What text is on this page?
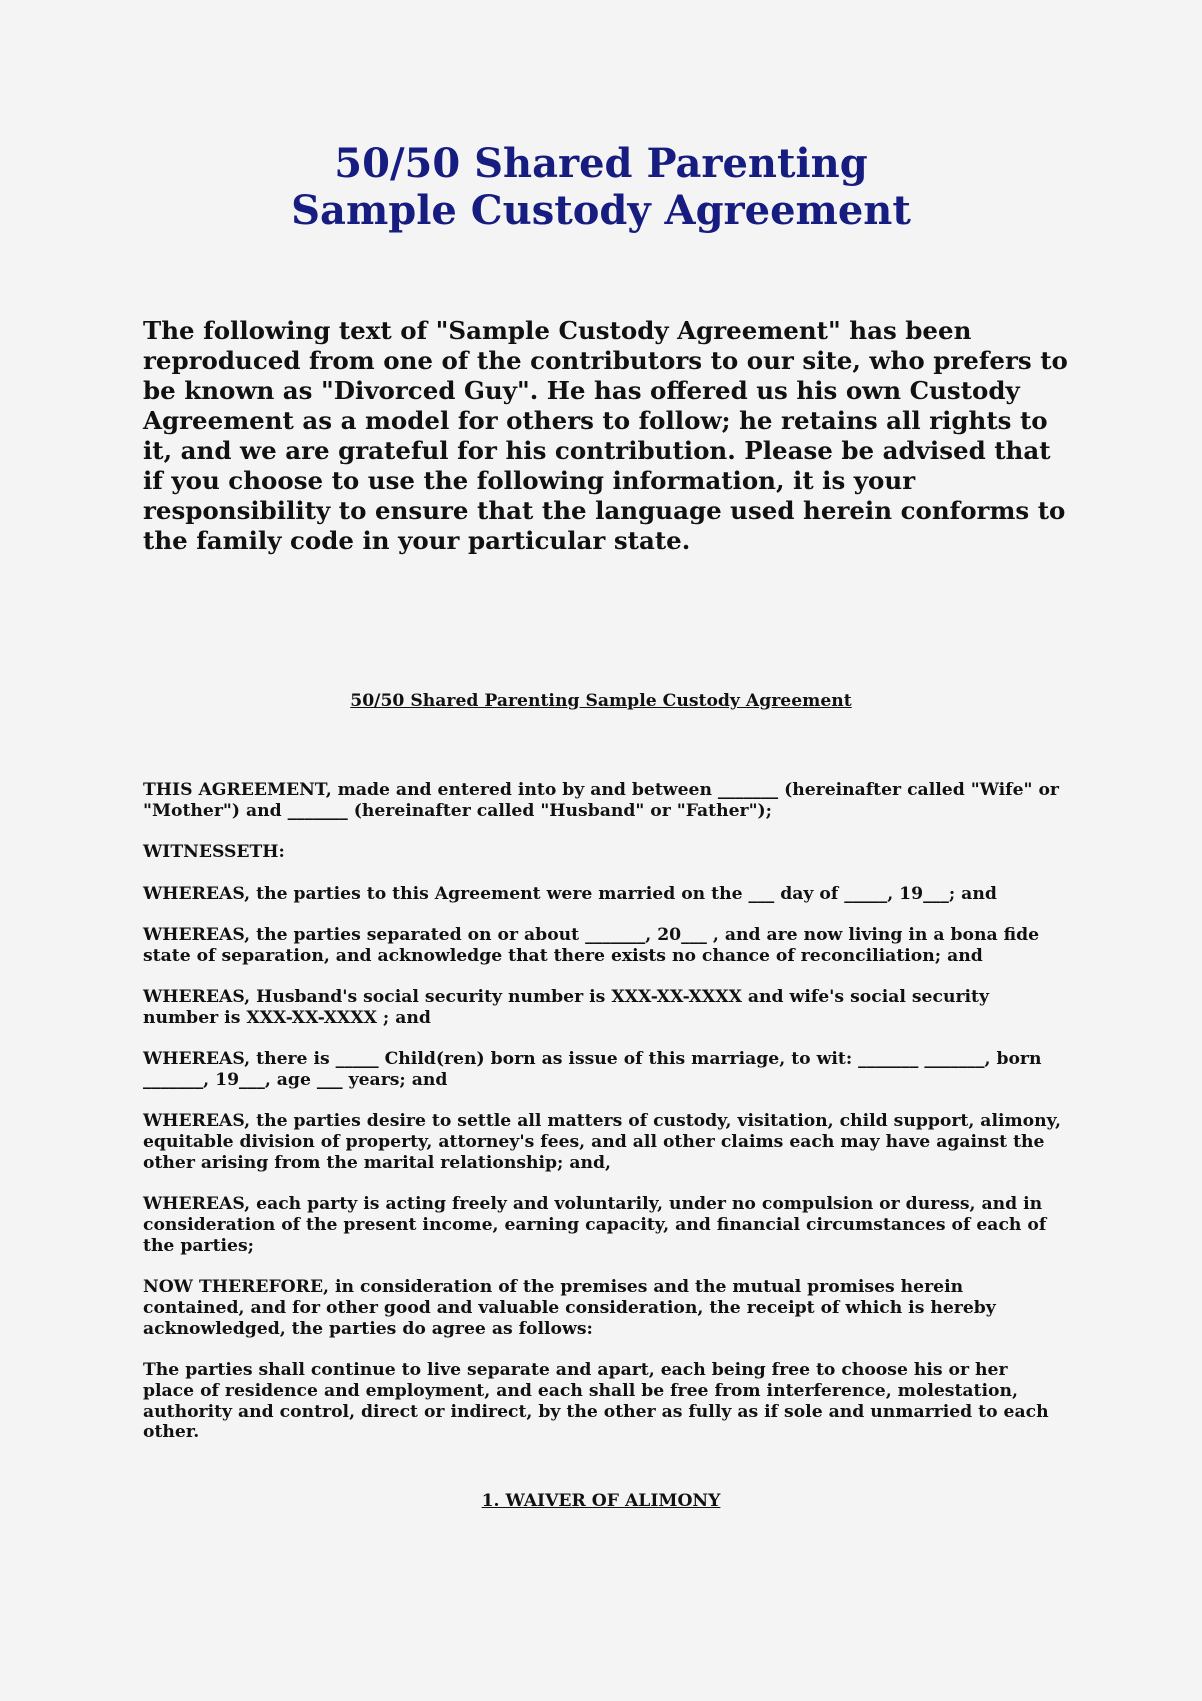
50/50 Shared Parenting
Sample Custody Agreement

The following text of "Sample Custody Agreement" has been reproduced from one of the contributors to our site, who prefers to be known as "Divorced Guy". He has offered us his own Custody Agreement as a model for others to follow; he retains all rights to it, and we are grateful for his contribution. Please be advised that if you choose to use the following information, it is your responsibility to ensure that the language used herein conforms to the family code in your particular state.

50/50 Shared Parenting Sample Custody Agreement

THIS AGREEMENT, made and entered into by and between _______ (hereinafter called "Wife" or "Mother") and _______ (hereinafter called "Husband" or "Father");

WITNESSETH:

WHEREAS, the parties to this Agreement were married on the ___ day of _____, 19___; and

WHEREAS, the parties separated on or about _______, 20___ , and are now living in a bona fide state of separation, and acknowledge that there exists no chance of reconciliation; and

WHEREAS, Husband's social security number is XXX-XX-XXXX and wife's social security number is XXX-XX-XXXX ; and

WHEREAS, there is _____ Child(ren) born as issue of this marriage, to wit: _______ _______, born _______, 19___, age ___ years; and

WHEREAS, the parties desire to settle all matters of custody, visitation, child support, alimony, equitable division of property, attorney's fees, and all other claims each may have against the other arising from the marital relationship; and,

WHEREAS, each party is acting freely and voluntarily, under no compulsion or duress, and in consideration of the present income, earning capacity, and financial circumstances of each of the parties;

NOW THEREFORE, in consideration of the premises and the mutual promises herein contained, and for other good and valuable consideration, the receipt of which is hereby acknowledged, the parties do agree as follows:

The parties shall continue to live separate and apart, each being free to choose his or her place of residence and employment, and each shall be free from interference, molestation, authority and control, direct or indirect, by the other as fully as if sole and unmarried to each other.

1. WAIVER OF ALIMONY
